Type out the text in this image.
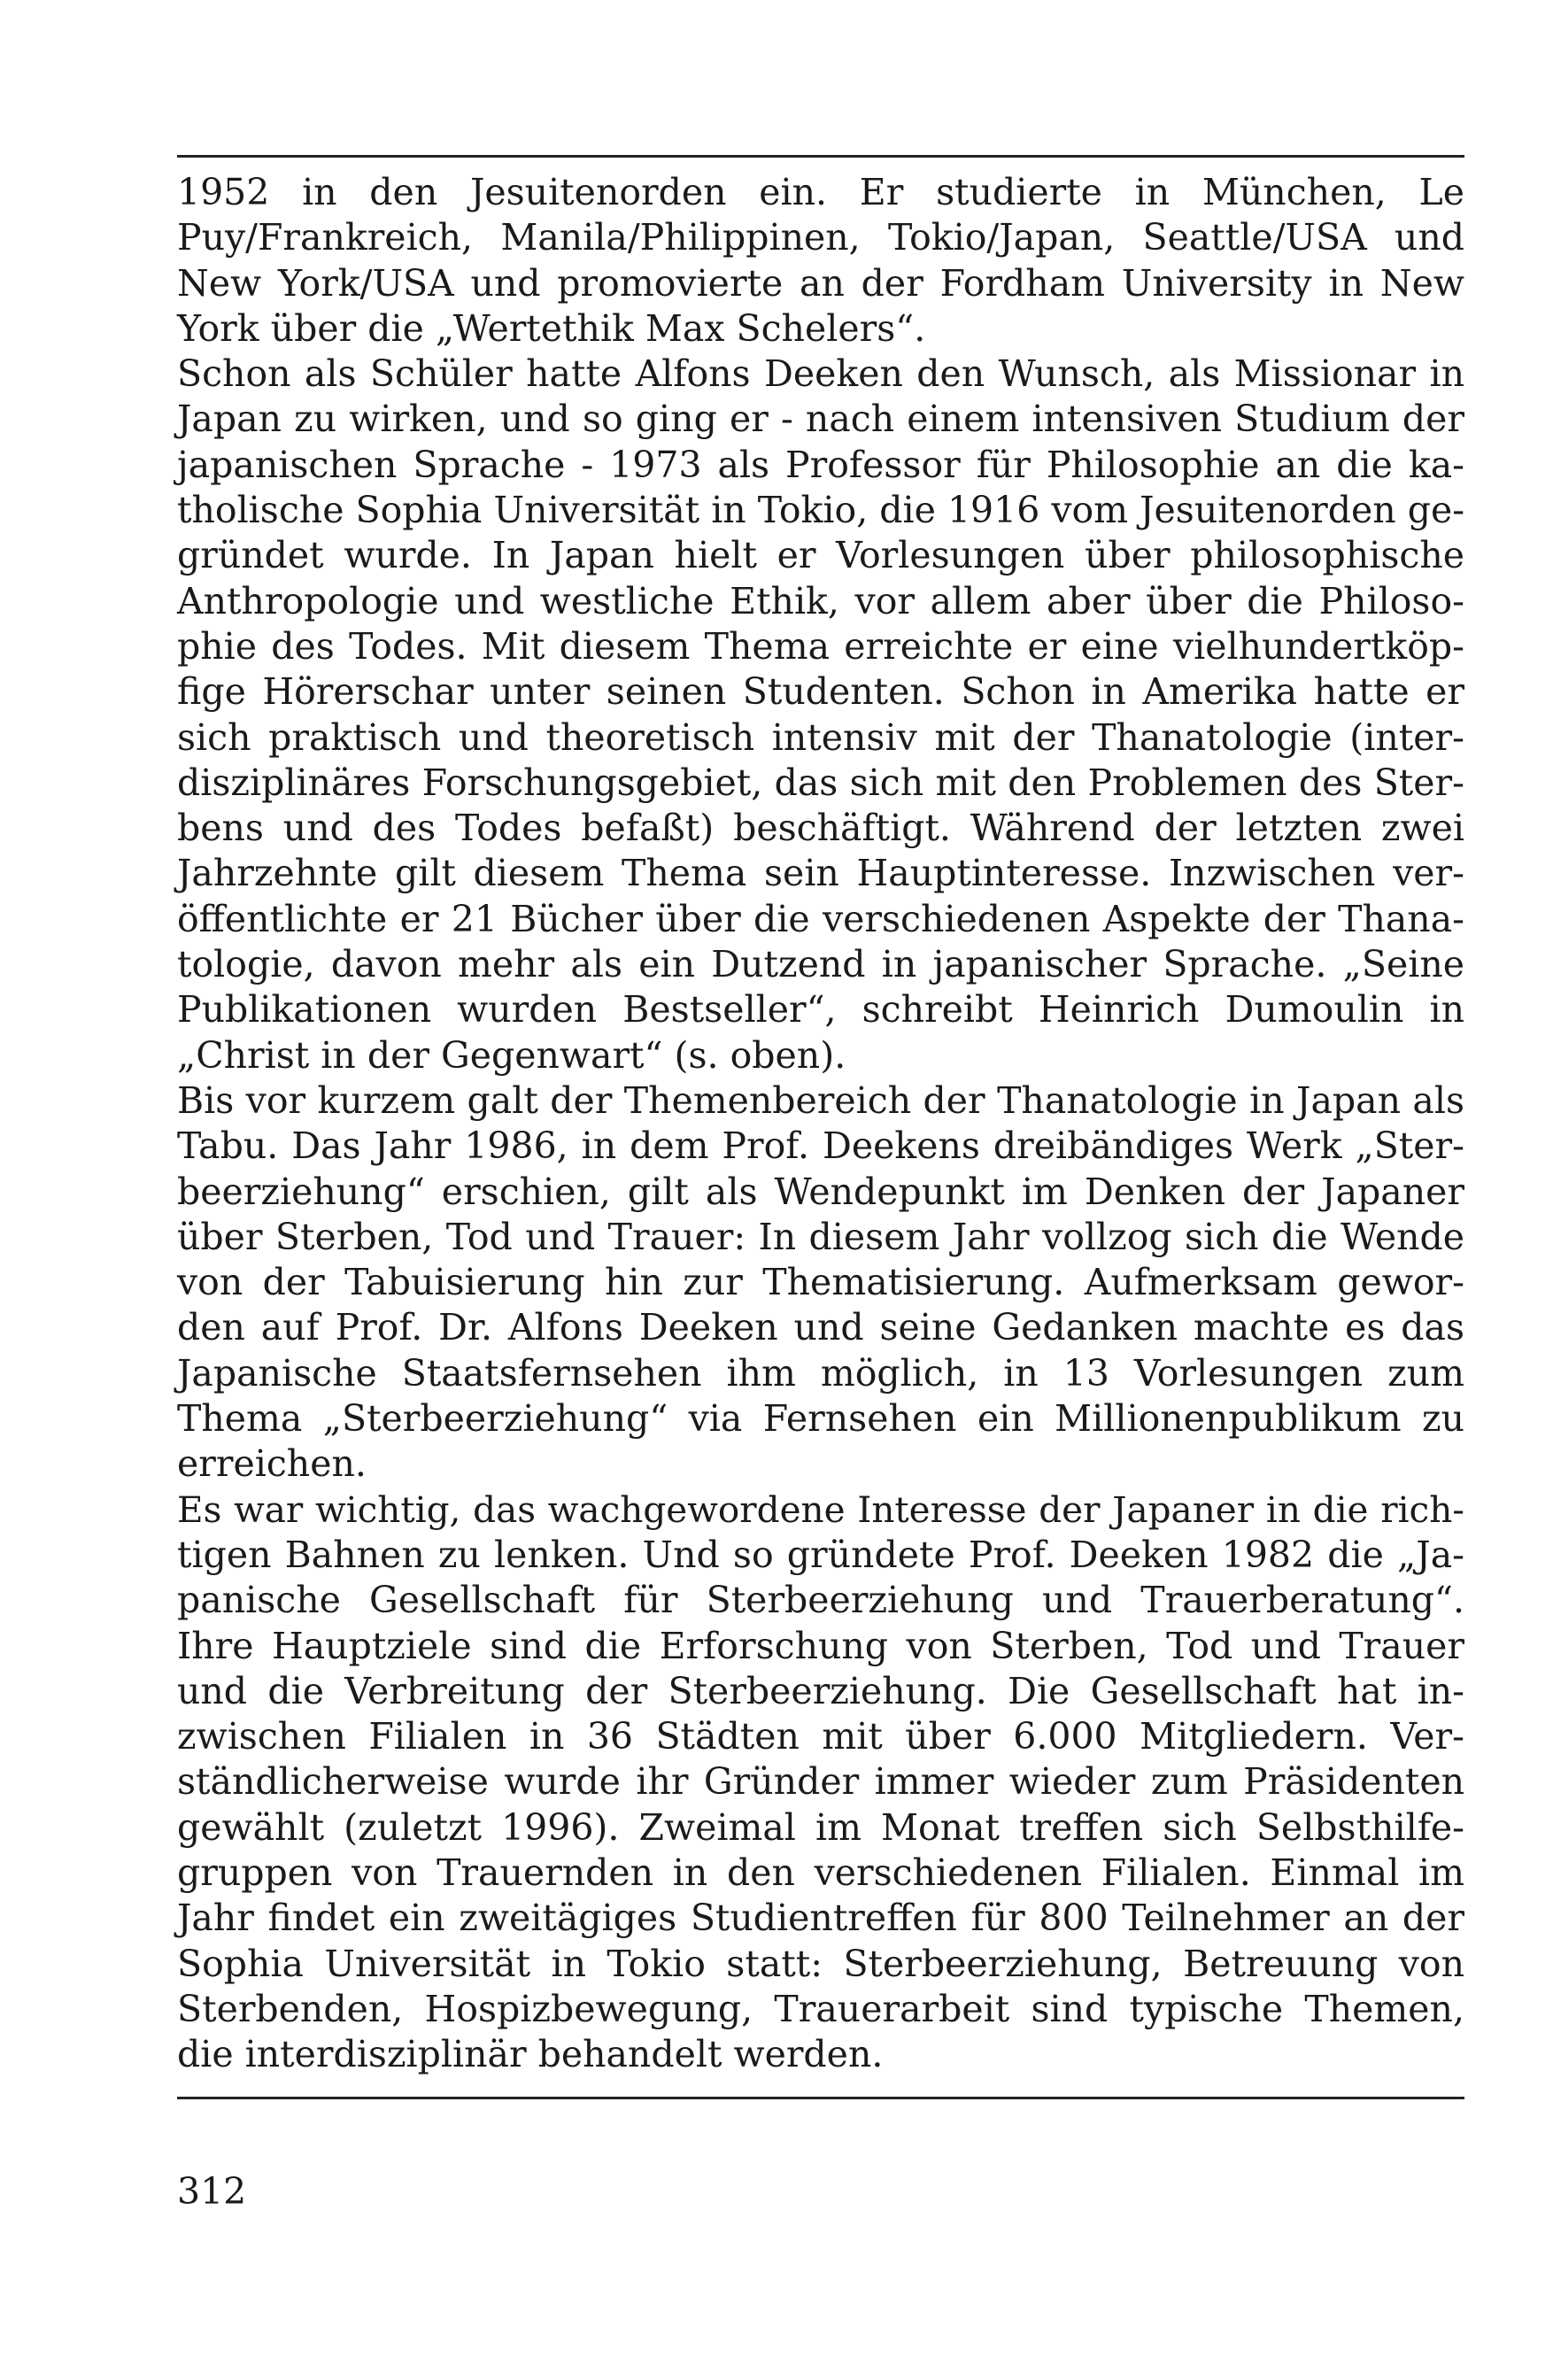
1952 in den Jesuitenorden ein. Er studierte in München, Le
Puy/Frankreich, Manila/Philippinen, Tokio/Japan, Seattle/USA und
New York/USA und promovierte an der Fordham University in New
York über die „Wertethik Max Schelers“.
Schon als Schüler hatte Alfons Deeken den Wunsch, als Missionar in
Japan zu wirken, und so ging er - nach einem intensiven Studium der
japanischen Sprache - 1973 als Professor für Philosophie an die ka-
tholische Sophia Universität in Tokio, die 1916 vom Jesuitenorden ge-
gründet wurde. In Japan hielt er Vorlesungen über philosophische
Anthropologie und westliche Ethik, vor allem aber über die Philoso-
phie des Todes. Mit diesem Thema erreichte er eine vielhundertköp-
fige Hörerschar unter seinen Studenten. Schon in Amerika hatte er
sich praktisch und theoretisch intensiv mit der Thanatologie (inter-
disziplinäres Forschungsgebiet, das sich mit den Problemen des Ster-
bens und des Todes befaßt) beschäftigt. Während der letzten zwei
Jahrzehnte gilt diesem Thema sein Hauptinteresse. Inzwischen ver-
öffentlichte er 21 Bücher über die verschiedenen Aspekte der Thana-
tologie, davon mehr als ein Dutzend in japanischer Sprache. „Seine
Publikationen wurden Bestseller“, schreibt Heinrich Dumoulin in
„Christ in der Gegenwart“ (s. oben).
Bis vor kurzem galt der Themenbereich der Thanatologie in Japan als
Tabu. Das Jahr 1986, in dem Prof. Deekens dreibändiges Werk „Ster-
beerziehung“ erschien, gilt als Wendepunkt im Denken der Japaner
über Sterben, Tod und Trauer: In diesem Jahr vollzog sich die Wende
von der Tabuisierung hin zur Thematisierung. Aufmerksam gewor-
den auf Prof. Dr. Alfons Deeken und seine Gedanken machte es das
Japanische Staatsfernsehen ihm möglich, in 13 Vorlesungen zum
Thema „Sterbeerziehung“ via Fernsehen ein Millionenpublikum zu
erreichen.
Es war wichtig, das wachgewordene Interesse der Japaner in die rich-
tigen Bahnen zu lenken. Und so gründete Prof. Deeken 1982 die „Ja-
panische Gesellschaft für Sterbeerziehung und Trauerberatung“.
Ihre Hauptziele sind die Erforschung von Sterben, Tod und Trauer
und die Verbreitung der Sterbeerziehung. Die Gesellschaft hat in-
zwischen Filialen in 36 Städten mit über 6.000 Mitgliedern. Ver-
ständlicherweise wurde ihr Gründer immer wieder zum Präsidenten
gewählt (zuletzt 1996). Zweimal im Monat treffen sich Selbsthilfe-
gruppen von Trauernden in den verschiedenen Filialen. Einmal im
Jahr findet ein zweitägiges Studientreffen für 800 Teilnehmer an der
Sophia Universität in Tokio statt: Sterbeerziehung, Betreuung von
Sterbenden, Hospizbewegung, Trauerarbeit sind typische Themen,
die interdisziplinär behandelt werden.
312
